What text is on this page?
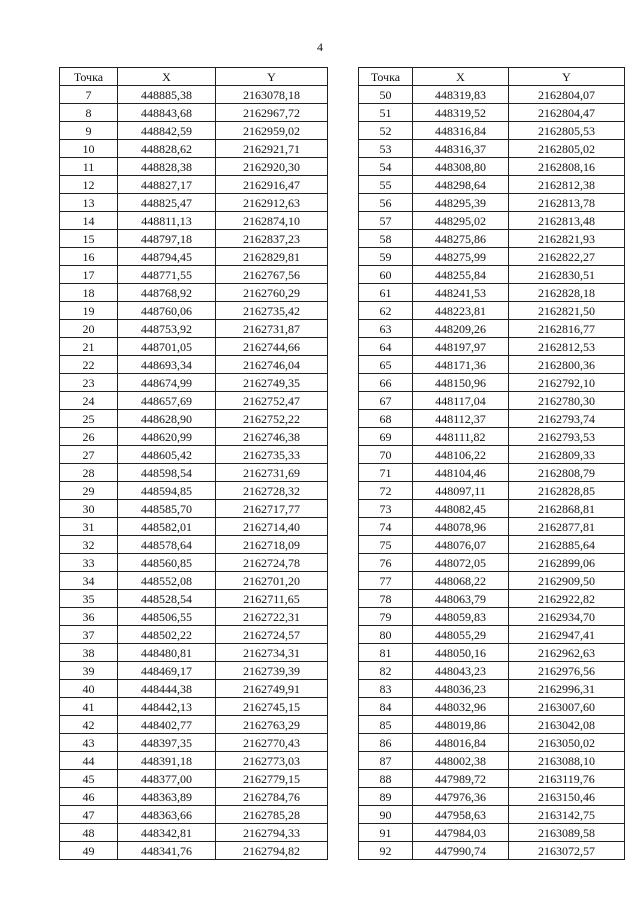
4
Точка	X	Y
7	448885,38	2163078,18
8	448843,68	2162967,72
9	448842,59	2162959,02
10	448828,62	2162921,71
11	448828,38	2162920,30
12	448827,17	2162916,47
13	448825,47	2162912,63
14	448811,13	2162874,10
15	448797,18	2162837,23
16	448794,45	2162829,81
17	448771,55	2162767,56
18	448768,92	2162760,29
19	448760,06	2162735,42
20	448753,92	2162731,87
21	448701,05	2162744,66
22	448693,34	2162746,04
23	448674,99	2162749,35
24	448657,69	2162752,47
25	448628,90	2162752,22
26	448620,99	2162746,38
27	448605,42	2162735,33
28	448598,54	2162731,69
29	448594,85	2162728,32
30	448585,70	2162717,77
31	448582,01	2162714,40
32	448578,64	2162718,09
33	448560,85	2162724,78
34	448552,08	2162701,20
35	448528,54	2162711,65
36	448506,55	2162722,31
37	448502,22	2162724,57
38	448480,81	2162734,31
39	448469,17	2162739,39
40	448444,38	2162749,91
41	448442,13	2162745,15
42	448402,77	2162763,29
43	448397,35	2162770,43
44	448391,18	2162773,03
45	448377,00	2162779,15
46	448363,89	2162784,76
47	448363,66	2162785,28
48	448342,81	2162794,33
49	448341,76	2162794,82
Точка	X	Y
50	448319,83	2162804,07
51	448319,52	2162804,47
52	448316,84	2162805,53
53	448316,37	2162805,02
54	448308,80	2162808,16
55	448298,64	2162812,38
56	448295,39	2162813,78
57	448295,02	2162813,48
58	448275,86	2162821,93
59	448275,99	2162822,27
60	448255,84	2162830,51
61	448241,53	2162828,18
62	448223,81	2162821,50
63	448209,26	2162816,77
64	448197,97	2162812,53
65	448171,36	2162800,36
66	448150,96	2162792,10
67	448117,04	2162780,30
68	448112,37	2162793,74
69	448111,82	2162793,53
70	448106,22	2162809,33
71	448104,46	2162808,79
72	448097,11	2162828,85
73	448082,45	2162868,81
74	448078,96	2162877,81
75	448076,07	2162885,64
76	448072,05	2162899,06
77	448068,22	2162909,50
78	448063,79	2162922,82
79	448059,83	2162934,70
80	448055,29	2162947,41
81	448050,16	2162962,63
82	448043,23	2162976,56
83	448036,23	2162996,31
84	448032,96	2163007,60
85	448019,86	2163042,08
86	448016,84	2163050,02
87	448002,38	2163088,10
88	447989,72	2163119,76
89	447976,36	2163150,46
90	447958,63	2163142,75
91	447984,03	2163089,58
92	447990,74	2163072,57
